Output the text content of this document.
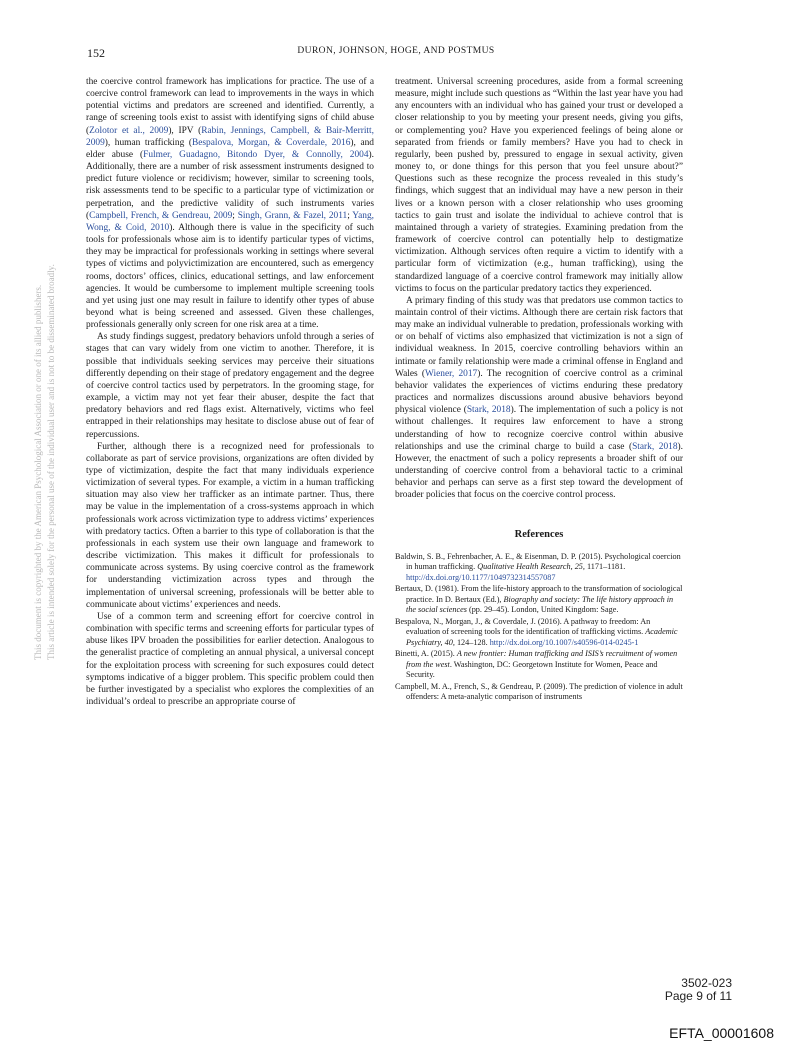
152	DURON, JOHNSON, HOGE, AND POSTMUS
This document is copyrighted by the American Psychological Association or one of its allied publishers. This article is intended solely for the personal use of the individual user and is not to be disseminated broadly.

the coercive control framework has implications for practice. The use of a coercive control framework can lead to improvements in the ways in which potential victims and predators are screened and identified. Currently, a range of screening tools exist to assist with identifying signs of child abuse (Zolotor et al., 2009), IPV (Rabin, Jennings, Campbell, & Bair-Merritt, 2009), human trafficking (Bespalova, Morgan, & Coverdale, 2016), and elder abuse (Fulmer, Guadagno, Bitondo Dyer, & Connolly, 2004). Additionally, there are a number of risk assessment instruments designed to predict future violence or recidivism; however, similar to screening tools, risk assessments tend to be specific to a particular type of victimization or perpetration, and the predictive validity of such instruments varies (Campbell, French, & Gendreau, 2009; Singh, Grann, & Fazel, 2011; Yang, Wong, & Coid, 2010). Although there is value in the specificity of such tools for professionals whose aim is to identify particular types of victims, they may be impractical for professionals working in settings where several types of victims and polyvictimization are encountered, such as emergency rooms, doctors’ offices, clinics, educational settings, and law enforcement agencies. It would be cumbersome to implement multiple screening tools and yet using just one may result in failure to identify other types of abuse beyond what is being screened and assessed. Given these challenges, professionals generally only screen for one risk area at a time.

As study findings suggest, predatory behaviors unfold through a series of stages that can vary widely from one victim to another. Therefore, it is possible that individuals seeking services may perceive their situations differently depending on their stage of predatory engagement and the degree of coercive control tactics used by perpetrators. In the grooming stage, for example, a victim may not yet fear their abuser, despite the fact that predatory behaviors and red flags exist. Alternatively, victims who feel entrapped in their relationships may hesitate to disclose abuse out of fear of repercussions.

Further, although there is a recognized need for professionals to collaborate as part of service provisions, organizations are often divided by type of victimization, despite the fact that many individuals experience victimization of several types. For example, a victim in a human trafficking situation may also view her trafficker as an intimate partner. Thus, there may be value in the implementation of a cross-systems approach in which professionals work across victimization type to address victims’ experiences with predatory tactics. Often a barrier to this type of collaboration is that the professionals in each system use their own language and framework to describe victimization. This makes it difficult for professionals to communicate across systems. By using coercive control as the framework for understanding victimization across types and through the implementation of universal screening, professionals will be better able to communicate about victims’ experiences and needs.

Use of a common term and screening effort for coercive control in combination with specific terms and screening efforts for particular types of abuse likes IPV broaden the possibilities for earlier detection. Analogous to the generalist practice of completing an annual physical, a universal concept for the exploitation process with screening for such exposures could detect symptoms indicative of a bigger problem. This specific problem could then be further investigated by a specialist who explores the complexities of an individual’s ordeal to prescribe an appropriate course of

treatment. Universal screening procedures, aside from a formal screening measure, might include such questions as “Within the last year have you had any encounters with an individual who has gained your trust or developed a closer relationship to you by meeting your present needs, giving you gifts, or complementing you? Have you experienced feelings of being alone or separated from friends or family members? Have you had to check in regularly, been pushed by, pressured to engage in sexual activity, given money to, or done things for this person that you feel unsure about?” Questions such as these recognize the process revealed in this study’s findings, which suggest that an individual may have a new person in their lives or a known person with a closer relationship who uses grooming tactics to gain trust and isolate the individual to achieve control that is maintained through a variety of strategies. Examining predation from the framework of coercive control can potentially help to destigmatize victimization. Although services often require a victim to identify with a particular form of victimization (e.g., human trafficking), using the standardized language of a coercive control framework may initially allow victims to focus on the particular predatory tactics they experienced.

A primary finding of this study was that predators use common tactics to maintain control of their victims. Although there are certain risk factors that may make an individual vulnerable to predation, professionals working with or on behalf of victims also emphasized that victimization is not a sign of individual weakness. In 2015, coercive controlling behaviors within an intimate or family relationship were made a criminal offense in England and Wales (Wiener, 2017). The recognition of coercive control as a criminal behavior validates the experiences of victims enduring these predatory practices and normalizes discussions around abusive behaviors beyond physical violence (Stark, 2018). The implementation of such a policy is not without challenges. It requires law enforcement to have a strong understanding of how to recognize coercive control within abusive relationships and use the criminal charge to build a case (Stark, 2018). However, the enactment of such a policy represents a broader shift of our understanding of coercive control from a behavioral tactic to a criminal behavior and perhaps can serve as a first step toward the development of broader policies that focus on the coercive control process.

References
Baldwin, S. B., Fehrenbacher, A. E., & Eisenman, D. P. (2015). Psychological coercion in human trafficking. Qualitative Health Research, 25, 1171–1181. http://dx.doi.org/10.1177/1049732314557087
Bertaux, D. (1981). From the life-history approach to the transformation of sociological practice. In D. Bertaux (Ed.), Biography and society: The life history approach in the social sciences (pp. 29–45). London, United Kingdom: Sage.
Bespalova, N., Morgan, J., & Coverdale, J. (2016). A pathway to freedom: An evaluation of screening tools for the identification of trafficking victims. Academic Psychiatry, 40, 124–128. http://dx.doi.org/10.1007/s40596-014-0245-1
Binetti, A. (2015). A new frontier: Human trafficking and ISIS’s recruitment of women from the west. Washington, DC: Georgetown Institute for Women, Peace and Security.
Campbell, M. A., French, S., & Gendreau, P. (2009). The prediction of violence in adult offenders: A meta-analytic comparison of instruments
3502-023
Page 9 of 11
EFTA_00001608
